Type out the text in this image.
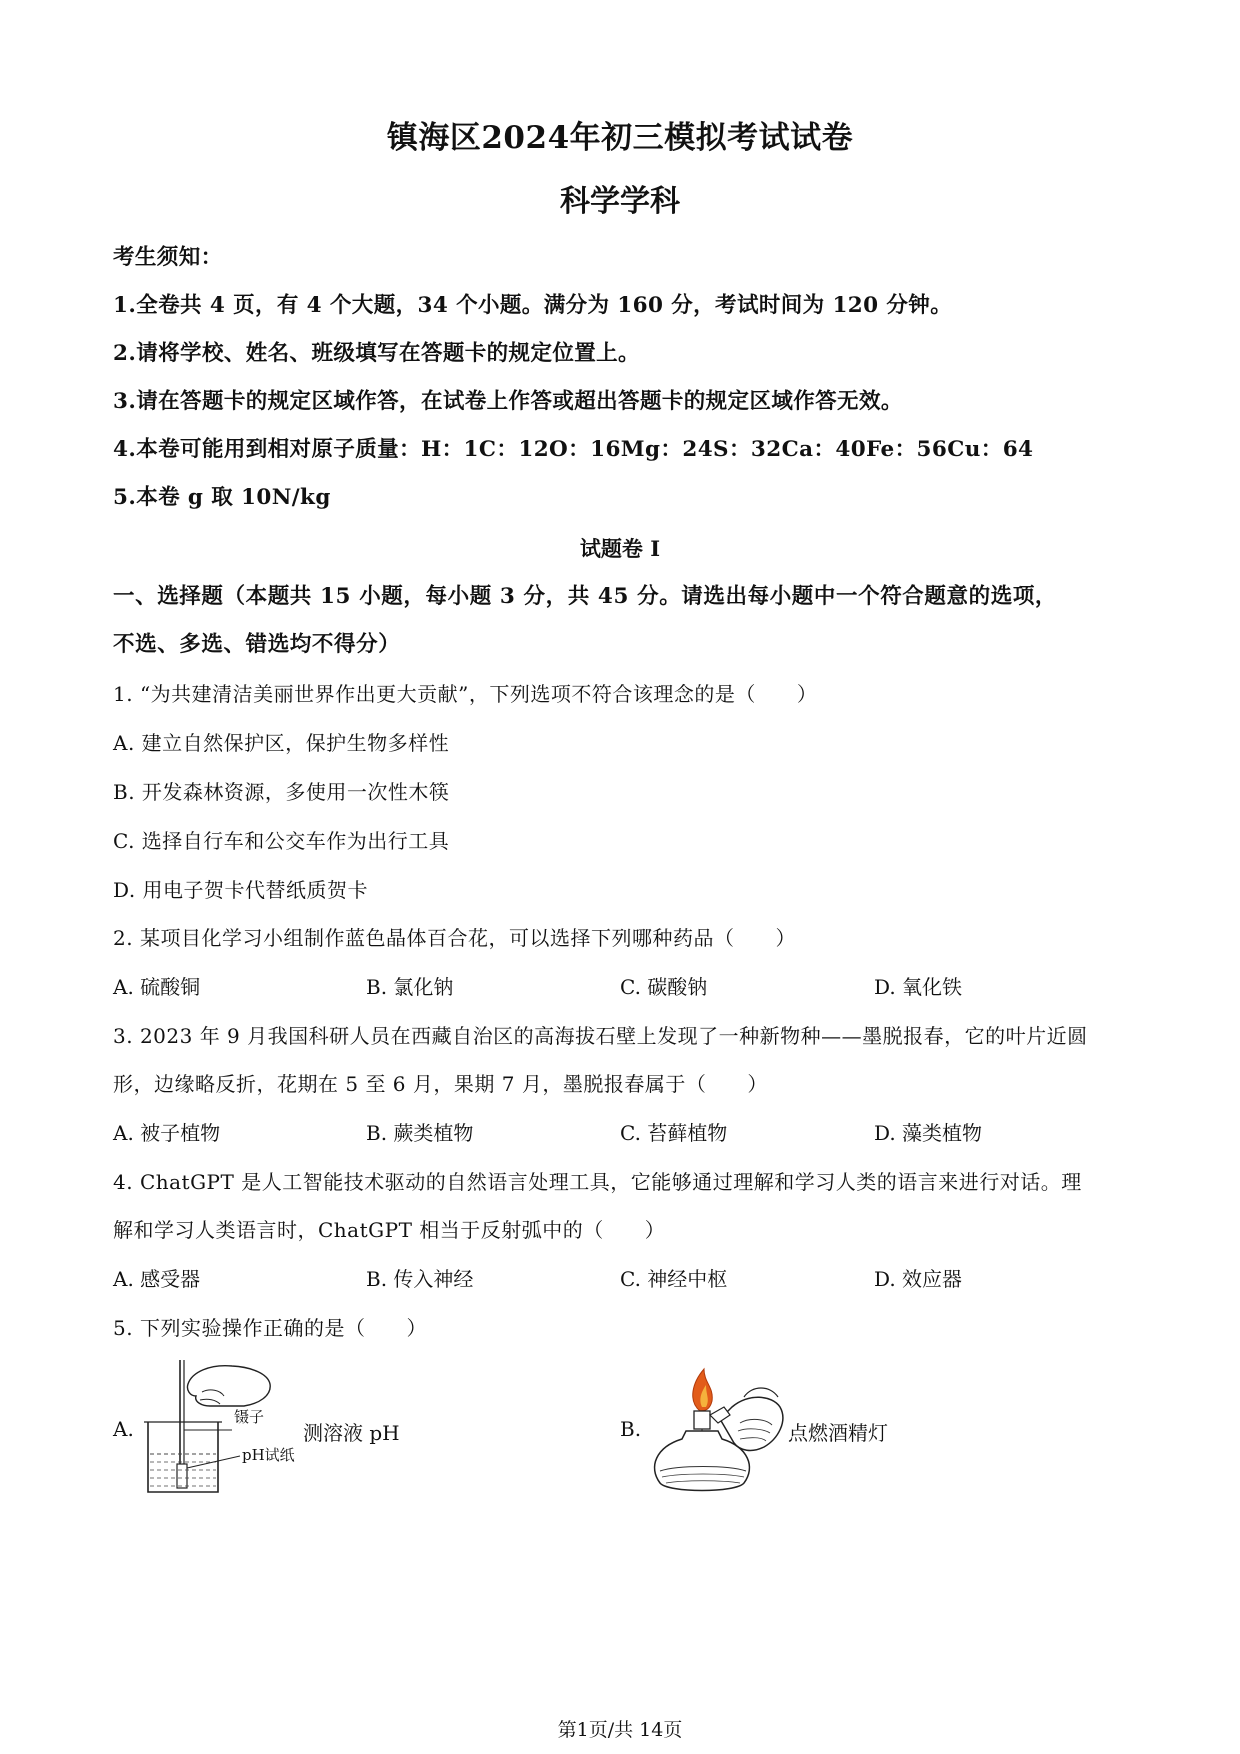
镇海区2024年初三模拟考试试卷
科学学科
考生须知：
1.全卷共 4 页，有 4 个大题，34 个小题。满分为 160 分，考试时间为 120 分钟。
2.请将学校、姓名、班级填写在答题卡的规定位置上。
3.请在答题卡的规定区域作答，在试卷上作答或超出答题卡的规定区域作答无效。
4.本卷可能用到相对原子质量：H：1C：12O：16Mg：24S：32Ca：40Fe：56Cu：64
5.本卷 g 取 10N/kg
试题卷 I
一、选择题（本题共 15 小题，每小题 3 分，共 45 分。请选出每小题中一个符合题意的选项，
不选、多选、错选均不得分）
1. “为共建清洁美丽世界作出更大贡献”，下列选项不符合该理念的是（　　）
A. 建立自然保护区，保护生物多样性
B. 开发森林资源，多使用一次性木筷
C. 选择自行车和公交车作为出行工具
D. 用电子贺卡代替纸质贺卡
2. 某项目化学习小组制作蓝色晶体百合花，可以选择下列哪种药品（　　）
A. 硫酸铜	B. 氯化钠	C. 碳酸钠	D. 氧化铁
3. 2023 年 9 月我国科研人员在西藏自治区的高海拔石壁上发现了一种新物种——墨脱报春，它的叶片近圆
形，边缘略反折，花期在 5 至 6 月，果期 7 月，墨脱报春属于（　　）
A. 被子植物	B. 蕨类植物	C. 苔藓植物	D. 藻类植物
4. ChatGPT 是人工智能技术驱动的自然语言处理工具，它能够通过理解和学习人类的语言来进行对话。理
解和学习人类语言时，ChatGPT 相当于反射弧中的（　　）
A. 感受器	B. 传入神经	C. 神经中枢	D. 效应器
5. 下列实验操作正确的是（　　）
A.	镊子
pH试纸
测溶液 pH	B.	点燃酒精灯
第1页/共 14页
